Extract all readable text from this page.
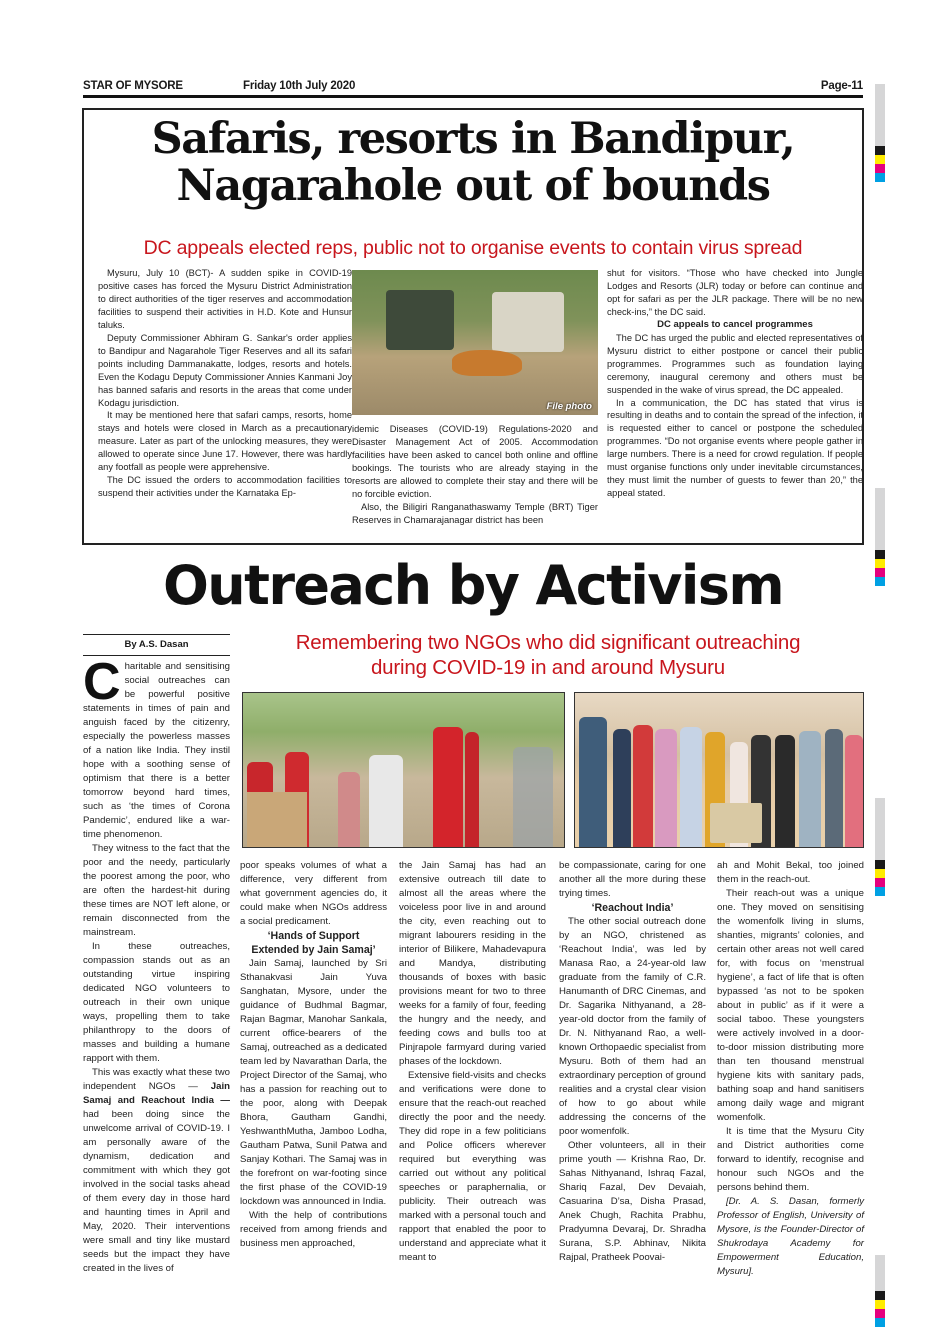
STAR OF MYSORE	Friday 10th July 2020	Page-11
Safaris, resorts in Bandipur,
Nagarahole out of bounds
DC appeals elected reps, public not to organise events to contain virus spread

Mysuru, July 10 (BCT)- A sudden spike in COVID-19 positive cases has forced the Mysuru District Administration to direct authorities of the tiger reserves and accommodation facilities to suspend their activities in H.D. Kote and Hunsur taluks.

Deputy Commissioner Abhiram G. Sankar's order applies to Bandipur and Nagarahole Tiger Reserves and all its safari points including Dammanakatte, lodges, resorts and hotels. Even the Kodagu Deputy Commissioner Annies Kanmani Joy has banned safaris and resorts in the areas that come under Kodagu jurisdiction.

It may be mentioned here that safari camps, resorts, home stays and hotels were closed in March as a precautionary measure. Later as part of the unlocking measures, they were allowed to operate since June 17. However, there was hardly any footfall as people were apprehensive.

The DC issued the orders to accommodation facilities to suspend their activities under the Karnataka Ep-

File photo

idemic Diseases (COVID-19) Regulations-2020 and Disaster Management Act of 2005. Accommodation facilities have been asked to cancel both online and offline bookings. The tourists who are already staying in the resorts are allowed to complete their stay and there will be no forcible eviction.

Also, the Biligiri Ranganathaswamy Temple (BRT) Tiger Reserves in Chamarajanagar district has been

shut for visitors. “Those who have checked into Jungle Lodges and Resorts (JLR) today or before can continue and opt for safari as per the JLR package. There will be no new check-ins,” the DC said.

DC appeals to cancel programmes

The DC has urged the public and elected representatives of Mysuru district to either postpone or cancel their public programmes. Programmes such as foundation laying ceremony, inaugural ceremony and others must be suspended in the wake of virus spread, the DC appealed.

In a communication, the DC has stated that virus is resulting in deaths and to contain the spread of the infection, it is requested either to cancel or postpone the scheduled programmes. “Do not organise events where people gather in large numbers. There is a need for crowd regulation. If people must organise functions only under inevitable circumstances, they must limit the number of guests to fewer than 20,” the appeal stated.

Outreach by Activism
By A.S. Dasan	Remembering two NGOs who did significant outreaching
during COVID-19 in and around Mysuru

Charitable and sensitising social outreaches can be powerful positive statements in times of pain and anguish faced by the citizenry, especially the powerless masses of a nation like India. They instil hope with a soothing sense of optimism that there is a better tomorrow beyond hard times, such as ‘the times of Corona Pandemic’, endured like a war-time phenomenon.

They witness to the fact that the poor and the needy, particularly the poorest among the poor, who are often the hardest-hit during these times are NOT left alone, or remain disconnected from the mainstream.

In these outreaches, compassion stands out as an outstanding virtue inspiring dedicated NGO volunteers to outreach in their own unique ways, propelling them to take philanthropy to the doors of masses and building a humane rapport with them.

This was exactly what these two independent NGOs — Jain Samaj and Reachout India — had been doing since the unwelcome arrival of COVID-19. I am personally aware of the dynamism, dedication and commitment with which they got involved in the social tasks ahead of them every day in those hard and haunting times in April and May, 2020. Their interventions were small and tiny like mustard seeds but the impact they have created in the lives of

poor speaks volumes of what a difference, very different from what government agencies do, it could make when NGOs address a social predicament.

‘Hands of Support
Extended by Jain Samaj’

Jain Samaj, launched by Sri Sthanakvasi Jain Yuva Sanghatan, Mysore, under the guidance of Budhmal Bagmar, Rajan Bagmar, Manohar Sankala, current office-bearers of the Samaj, outreached as a dedicated team led by Navarathan Darla, the Project Director of the Samaj, who has a passion for reaching out to the poor, along with Deepak Bhora, Gautham Gandhi, YeshwanthMutha, Jamboo Lodha, Gautham Patwa, Sunil Patwa and Sanjay Kothari. The Samaj was in the forefront on war-footing since the first phase of the COVID-19 lockdown was announced in India.

With the help of contributions received from among friends and business men approached,

the Jain Samaj has had an extensive outreach till date to almost all the areas where the voiceless poor live in and around the city, even reaching out to migrant labourers residing in the interior of Bilikere, Mahadevapura and Mandya, distributing thousands of boxes with basic provisions meant for two to three weeks for a family of four, feeding the hungry and the needy, and feeding cows and bulls too at Pinjrapole farmyard during varied phases of the lockdown.

Extensive field-visits and checks and verifications were done to ensure that the reach-out reached directly the poor and the needy. They did rope in a few politicians and Police officers wherever required but everything was carried out without any political speeches or paraphernalia, or publicity. Their outreach was marked with a personal touch and rapport that enabled the poor to understand and appreciate what it meant to

be compassionate, caring for one another all the more during these trying times.

‘Reachout India’

The other social outreach done by an NGO, christened as ‘Reachout India’, was led by Manasa Rao, a 24-year-old law graduate from the family of C.R. Hanumanth of DRC Cinemas, and Dr. Sagarika Nithyanand, a 28-year-old doctor from the family of Dr. N. Nithyanand Rao, a well-known Orthopaedic specialist from Mysuru. Both of them had an extraordinary perception of ground realities and a crystal clear vision of how to go about while addressing the concerns of the poor womenfolk.

Other volunteers, all in their prime youth — Krishna Rao, Dr. Sahas Nithyanand, Ishraq Fazal, Shariq Fazal, Dev Devaiah, Casuarina D’sa, Disha Prasad, Anek Chugh, Rachita Prabhu, Pradyumna Devaraj, Dr. Shradha Surana, S.P. Abhinav, Nikita Rajpal, Pratheek Poovai-

ah and Mohit Bekal, too joined them in the reach-out.

Their reach-out was a unique one. They moved on sensitising the womenfolk living in slums, shanties, migrants’ colonies, and certain other areas not well cared for, with focus on ‘menstrual hygiene’, a fact of life that is often bypassed ‘as not to be spoken about in public’ as if it were a social taboo. These youngsters were actively involved in a door-to-door mission distributing more than ten thousand menstrual hygiene kits with sanitary pads, bathing soap and hand sanitisers among daily wage and migrant womenfolk.

It is time that the Mysuru City and District authorities come forward to identify, recognise and honour such NGOs and the persons behind them.

[Dr. A. S. Dasan, formerly Professor of English, University of Mysore, is the Founder-Director of Shukrodaya Academy for Empowerment Education, Mysuru].
